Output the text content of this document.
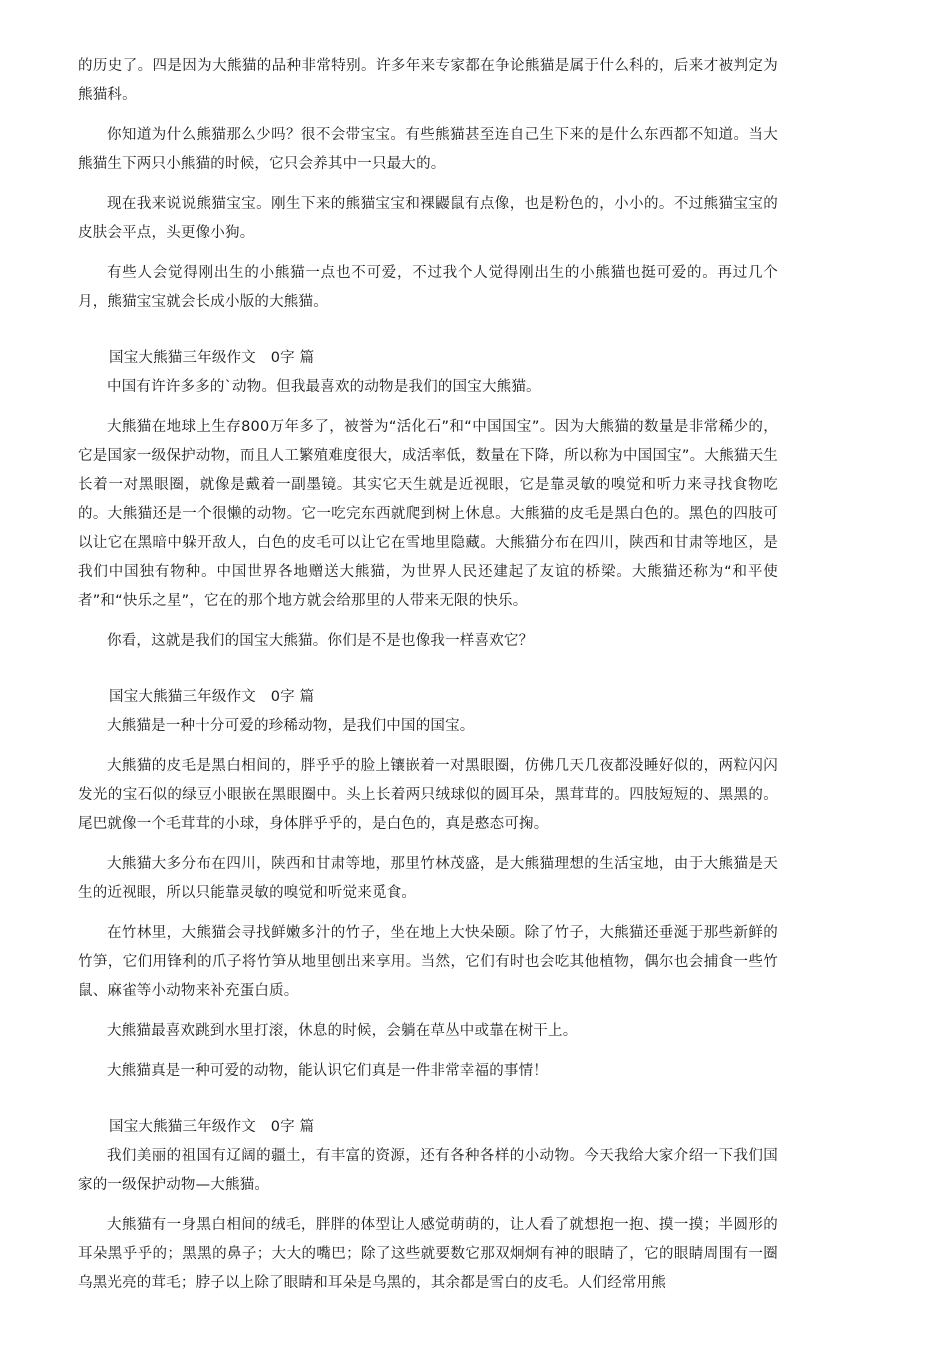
的历史了。四是因为大熊猫的品种非常特别。许多年来专家都在争论熊猫是属于什么科的，后来才被判定为熊猫科。

你知道为什么熊猫那么少吗？很不会带宝宝。有些熊猫甚至连自己生下来的是什么东西都不知道。当大熊猫生下两只小熊猫的时候，它只会养其中一只最大的。

现在我来说说熊猫宝宝。刚生下来的熊猫宝宝和裸鼹鼠有点像，也是粉色的，小小的。不过熊猫宝宝的皮肤会平点，头更像小狗。

有些人会觉得刚出生的小熊猫一点也不可爱，不过我个人觉得刚出生的小熊猫也挺可爱的。再过几个月，熊猫宝宝就会长成小版的大熊猫。

国宝大熊猫三年级作文　0字 篇

中国有许许多多的`动物。但我最喜欢的动物是我们的国宝大熊猫。

大熊猫在地球上生存800万年多了，被誉为“活化石”和“中国国宝”。因为大熊猫的数量是非常稀少的，它是国家一级保护动物，而且人工繁殖难度很大，成活率低，数量在下降，所以称为中国国宝”。大熊猫天生长着一对黑眼圈，就像是戴着一副墨镜。其实它天生就是近视眼，它是靠灵敏的嗅觉和听力来寻找食物吃的。大熊猫还是一个很懒的动物。它一吃完东西就爬到树上休息。大熊猫的皮毛是黑白色的。黑色的四肢可以让它在黑暗中躲开敌人，白色的皮毛可以让它在雪地里隐藏。大熊猫分布在四川，陕西和甘肃等地区，是我们中国独有物种。中国世界各地赠送大熊猫，为世界人民还建起了友谊的桥梁。大熊猫还称为“和平使者”和“快乐之星”，它在的那个地方就会给那里的人带来无限的快乐。

你看，这就是我们的国宝大熊猫。你们是不是也像我一样喜欢它？

国宝大熊猫三年级作文　0字 篇

大熊猫是一种十分可爱的珍稀动物，是我们中国的国宝。

大熊猫的皮毛是黑白相间的，胖乎乎的脸上镶嵌着一对黑眼圈，仿佛几天几夜都没睡好似的，两粒闪闪发光的宝石似的绿豆小眼嵌在黑眼圈中。头上长着两只绒球似的圆耳朵，黑茸茸的。四肢短短的、黑黑的。尾巴就像一个毛茸茸的小球，身体胖乎乎的，是白色的，真是憨态可掬。

大熊猫大多分布在四川，陕西和甘肃等地，那里竹林茂盛，是大熊猫理想的生活宝地，由于大熊猫是天生的近视眼，所以只能靠灵敏的嗅觉和听觉来觅食。

在竹林里，大熊猫会寻找鲜嫩多汁的竹子，坐在地上大快朵颐。除了竹子，大熊猫还垂涎于那些新鲜的竹笋，它们用锋利的爪子将竹笋从地里刨出来享用。当然，它们有时也会吃其他植物，偶尔也会捕食一些竹鼠、麻雀等小动物来补充蛋白质。

大熊猫最喜欢跳到水里打滚，休息的时候，会躺在草丛中或靠在树干上。

大熊猫真是一种可爱的动物，能认识它们真是一件非常幸福的事情！

国宝大熊猫三年级作文　0字 篇

我们美丽的祖国有辽阔的疆土，有丰富的资源，还有各种各样的小动物。今天我给大家介绍一下我们国家的一级保护动物—大熊猫。

大熊猫有一身黑白相间的绒毛，胖胖的体型让人感觉萌萌的，让人看了就想抱一抱、摸一摸；半圆形的耳朵黑乎乎的；黑黑的鼻子；大大的嘴巴；除了这些就要数它那双炯炯有神的眼睛了，它的眼睛周围有一圈乌黑光亮的茸毛；脖子以上除了眼睛和耳朵是乌黑的，其余都是雪白的皮毛。人们经常用熊
